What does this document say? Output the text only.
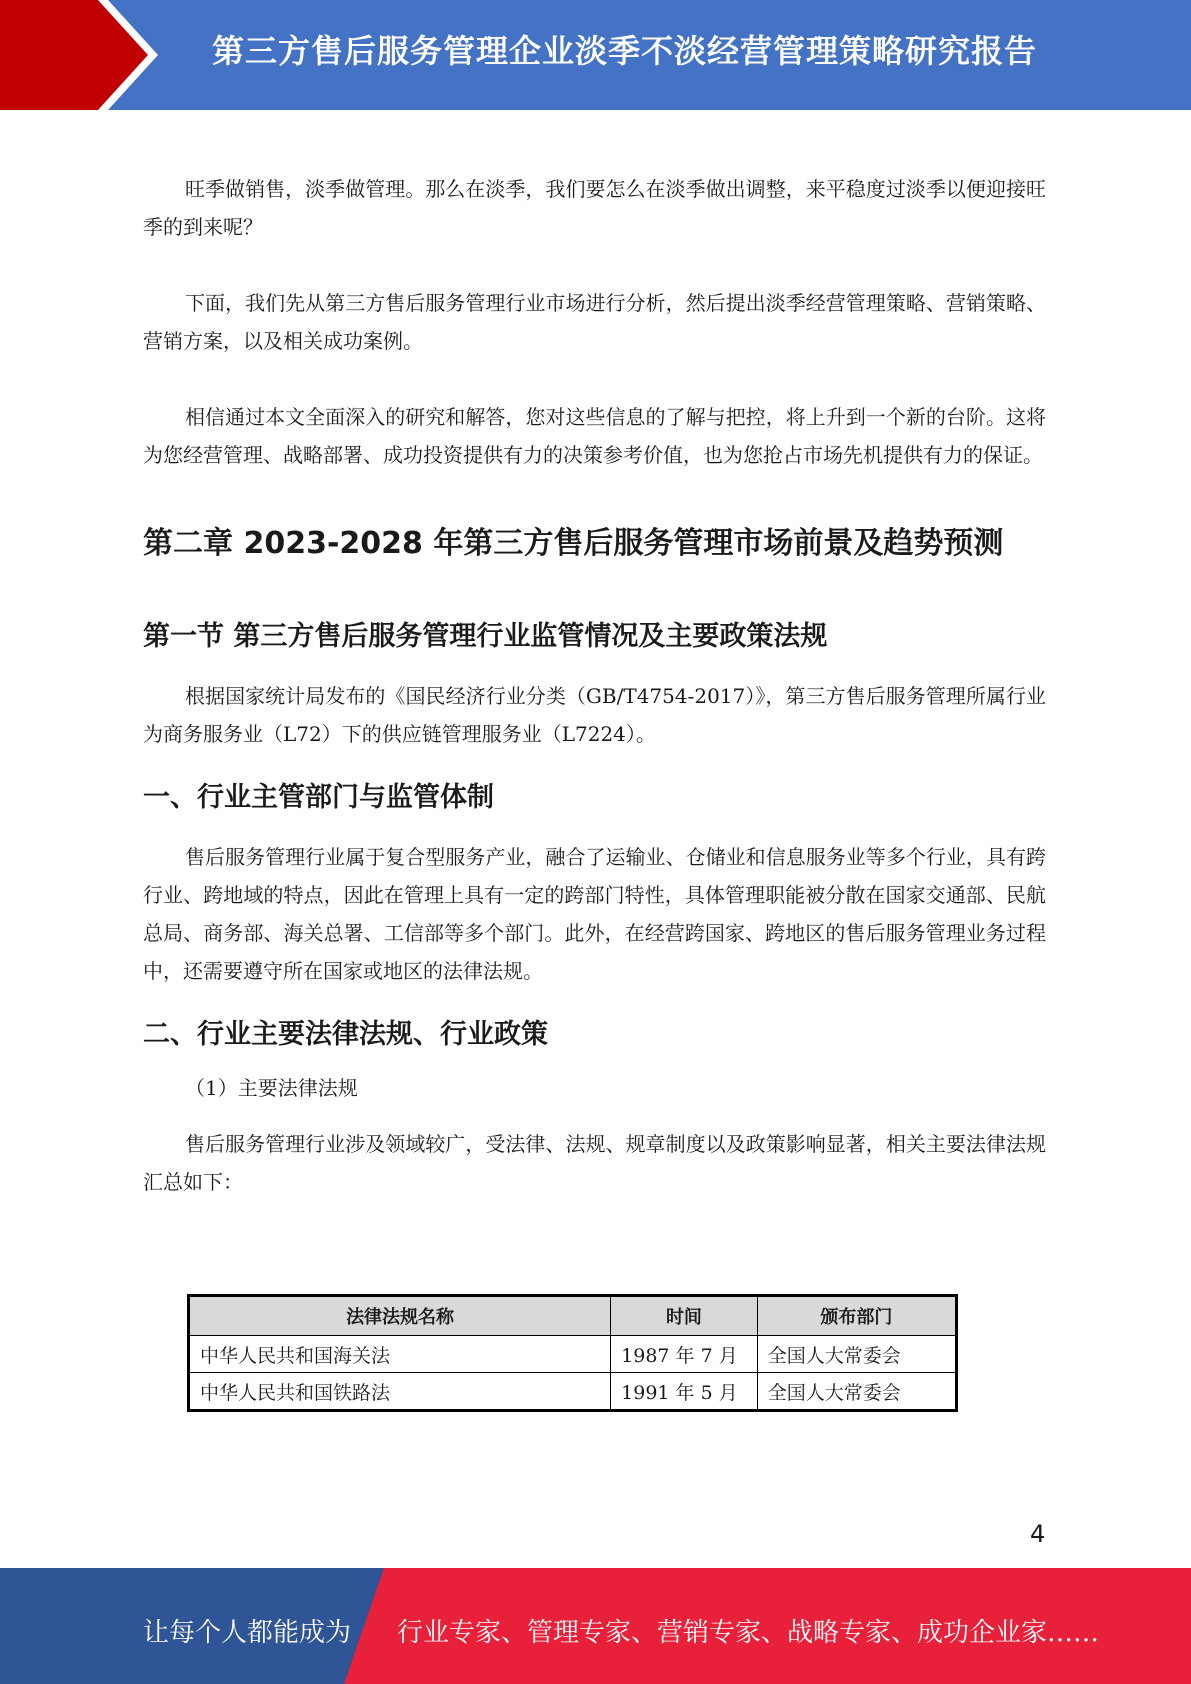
第三方售后服务管理企业淡季不淡经营管理策略研究报告

旺季做销售，淡季做管理。那么在淡季，我们要怎么在淡季做出调整，来平稳度过淡季以便迎接旺季的到来呢？

下面，我们先从第三方售后服务管理行业市场进行分析，然后提出淡季经营管理策略、营销策略、营销方案，以及相关成功案例。

相信通过本文全面深入的研究和解答，您对这些信息的了解与把控，将上升到一个新的台阶。这将为您经营管理、战略部署、成功投资提供有力的决策参考价值，也为您抢占市场先机提供有力的保证。

第二章 2023-2028 年第三方售后服务管理市场前景及趋势预测
第一节 第三方售后服务管理行业监管情况及主要政策法规

根据国家统计局发布的《国民经济行业分类（GB/T4754-2017）》，第三方售后服务管理所属行业为商务服务业（L72）下的供应链管理服务业（L7224）。

一、行业主管部门与监管体制

售后服务管理行业属于复合型服务产业，融合了运输业、仓储业和信息服务业等多个行业，具有跨行业、跨地域的特点，因此在管理上具有一定的跨部门特性，具体管理职能被分散在国家交通部、民航总局、商务部、海关总署、工信部等多个部门。此外，在经营跨国家、跨地区的售后服务管理业务过程中，还需要遵守所在国家或地区的法律法规。

二、行业主要法律法规、行业政策

（1）主要法律法规

售后服务管理行业涉及领域较广，受法律、法规、规章制度以及政策影响显著，相关主要法律法规汇总如下：

法律法规名称	时间	颁布部门
中华人民共和国海关法	1987 年 7 月	全国人大常委会
中华人民共和国铁路法	1991 年 5 月	全国人大常委会
4
让每个人都能成为 行业专家、管理专家、营销专家、战略专家、成功企业家……
